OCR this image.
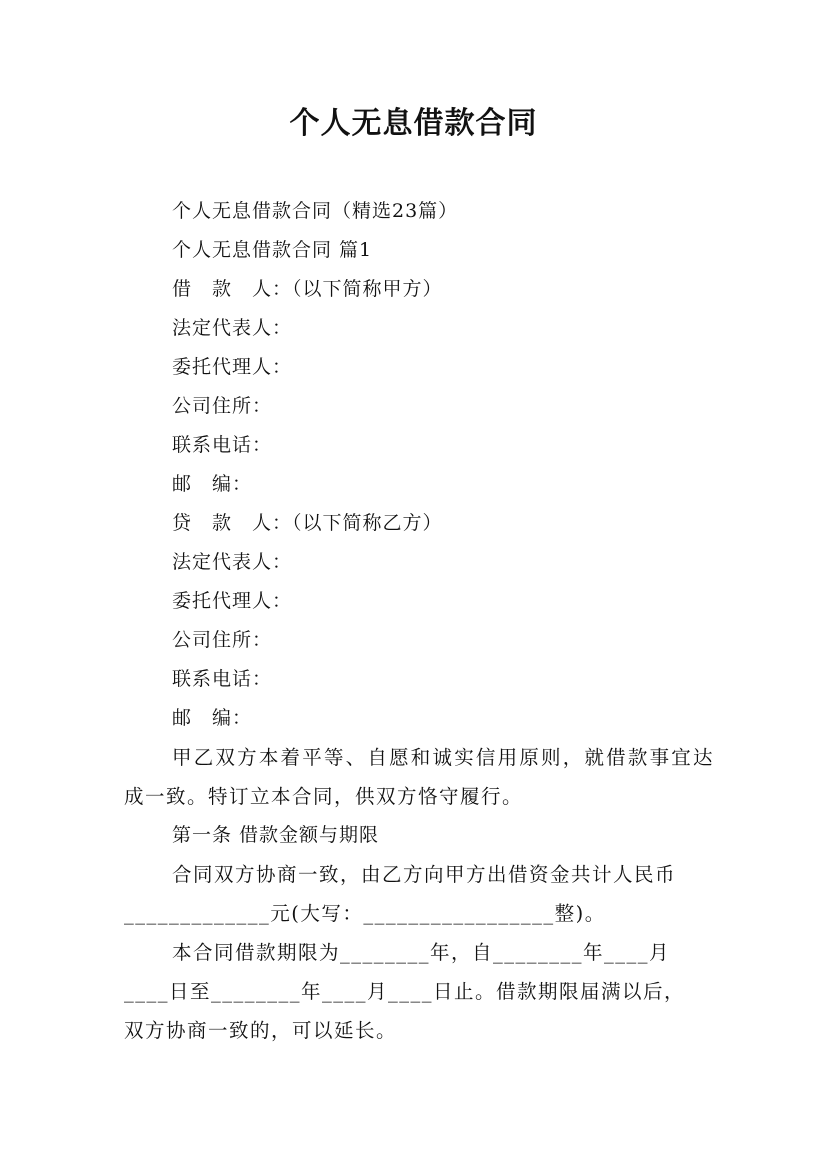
个人无息借款合同
个人无息借款合同（精选23篇）
个人无息借款合同 篇1
借　款　人：（以下简称甲方）
法定代表人：
委托代理人：
公司住所：
联系电话：
邮　编：
贷　款　人：（以下简称乙方）
法定代表人：
委托代理人：
公司住所：
联系电话：
邮　编：
甲乙双方本着平等、自愿和诚实信用原则，就借款事宜达成一致。特订立本合同，供双方恪守履行。
第一条 借款金额与期限
合同双方协商一致，由乙方向甲方出借资金共计人民币
_____________元(大写：_________________整)。
本合同借款期限为________年，自________年____月
____日至________年____月____日止。借款期限届满以后，
双方协商一致的，可以延长。
